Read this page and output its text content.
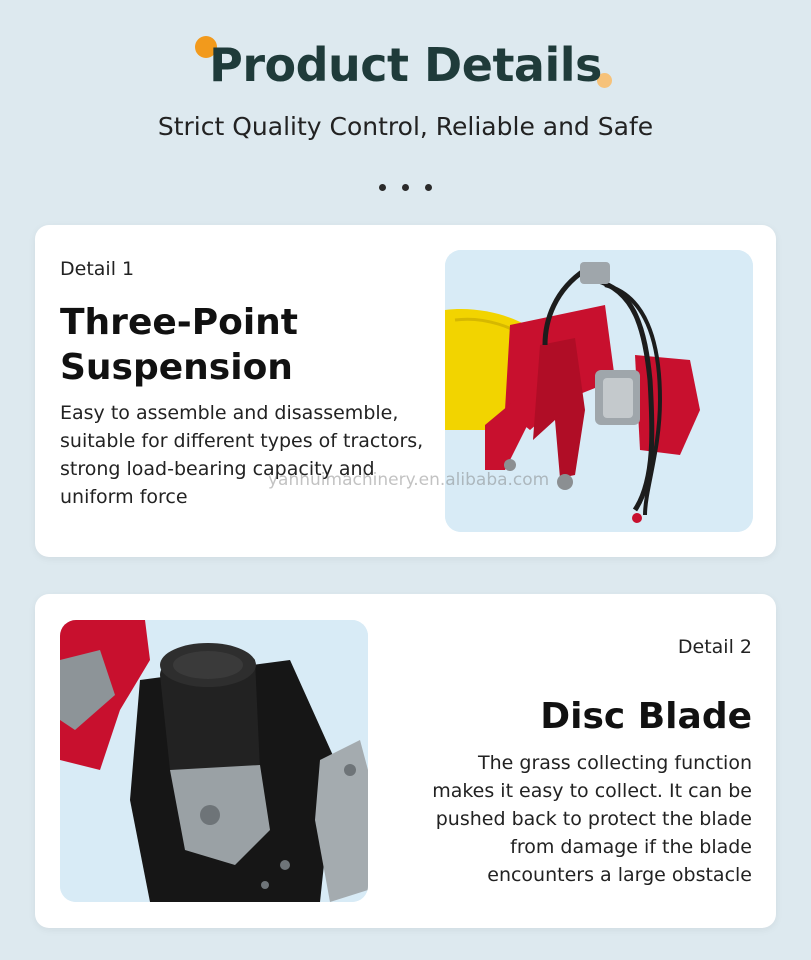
Product Details
Strict Quality Control, Reliable and Safe
Detail 1
Three-Point
Suspension
Easy to assemble and disassemble, suitable for different types of tractors, strong load-bearing capacity and uniform force
yanhuimachinery.en.alibaba.com
Detail 2
Disc Blade
The grass collecting function makes it easy to collect. It can be pushed back to protect the blade from damage if the blade encounters a large obstacle
